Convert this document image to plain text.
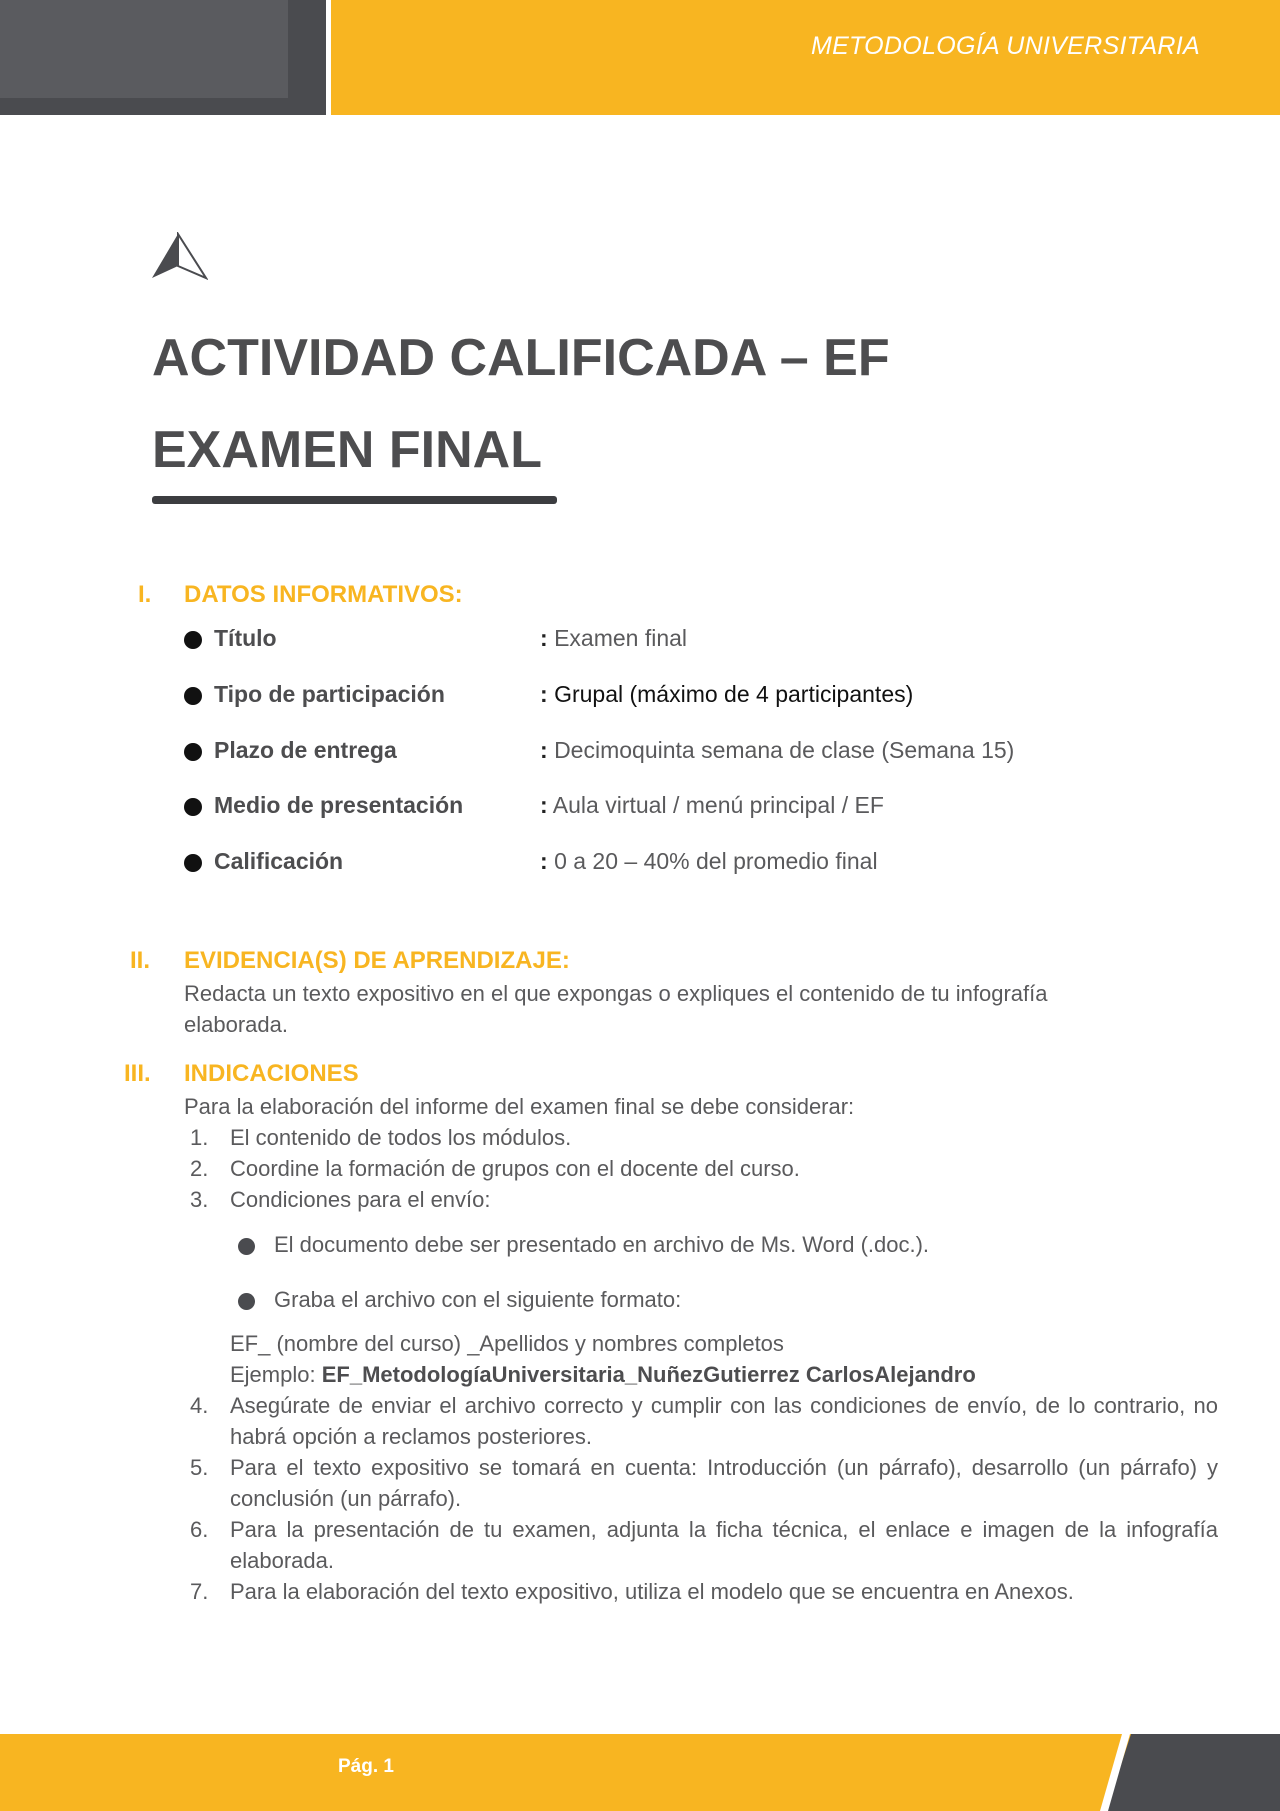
METODOLOGÍA UNIVERSITARIA
ACTIVIDAD CALIFICADA – EF
EXAMEN FINAL
I. DATOS INFORMATIVOS:
Título	: Examen final
Tipo de participación	: Grupal (máximo de 4 participantes)
Plazo de entrega	: Decimoquinta semana de clase (Semana 15)
Medio de presentación	: Aula virtual / menú principal / EF
Calificación	: 0 a 20 – 40% del promedio final
II. EVIDENCIA(S) DE APRENDIZAJE:

Redacta un texto expositivo en el que expongas o expliques el contenido de tu infografía elaborada.

III. INDICACIONES

Para la elaboración del informe del examen final se debe considerar:

1. El contenido de todos los módulos.
2. Coordine la formación de grupos con el docente del curso.
3. Condiciones para el envío:
El documento debe ser presentado en archivo de Ms. Word (.doc.).
Graba el archivo con el siguiente formato:
EF_ (nombre del curso) _Apellidos y nombres completos
Ejemplo: EF_MetodologíaUniversitaria_NuñezGutierrez CarlosAlejandro
4. Asegúrate de enviar el archivo correcto y cumplir con las condiciones de envío, de lo contrario, no habrá opción a reclamos posteriores.
5. Para el texto expositivo se tomará en cuenta: Introducción (un párrafo), desarrollo (un párrafo) y conclusión (un párrafo).
6. Para la presentación de tu examen, adjunta la ficha técnica, el enlace e imagen de la infografía elaborada.
7. Para la elaboración del texto expositivo, utiliza el modelo que se encuentra en Anexos.
Pág. 1
